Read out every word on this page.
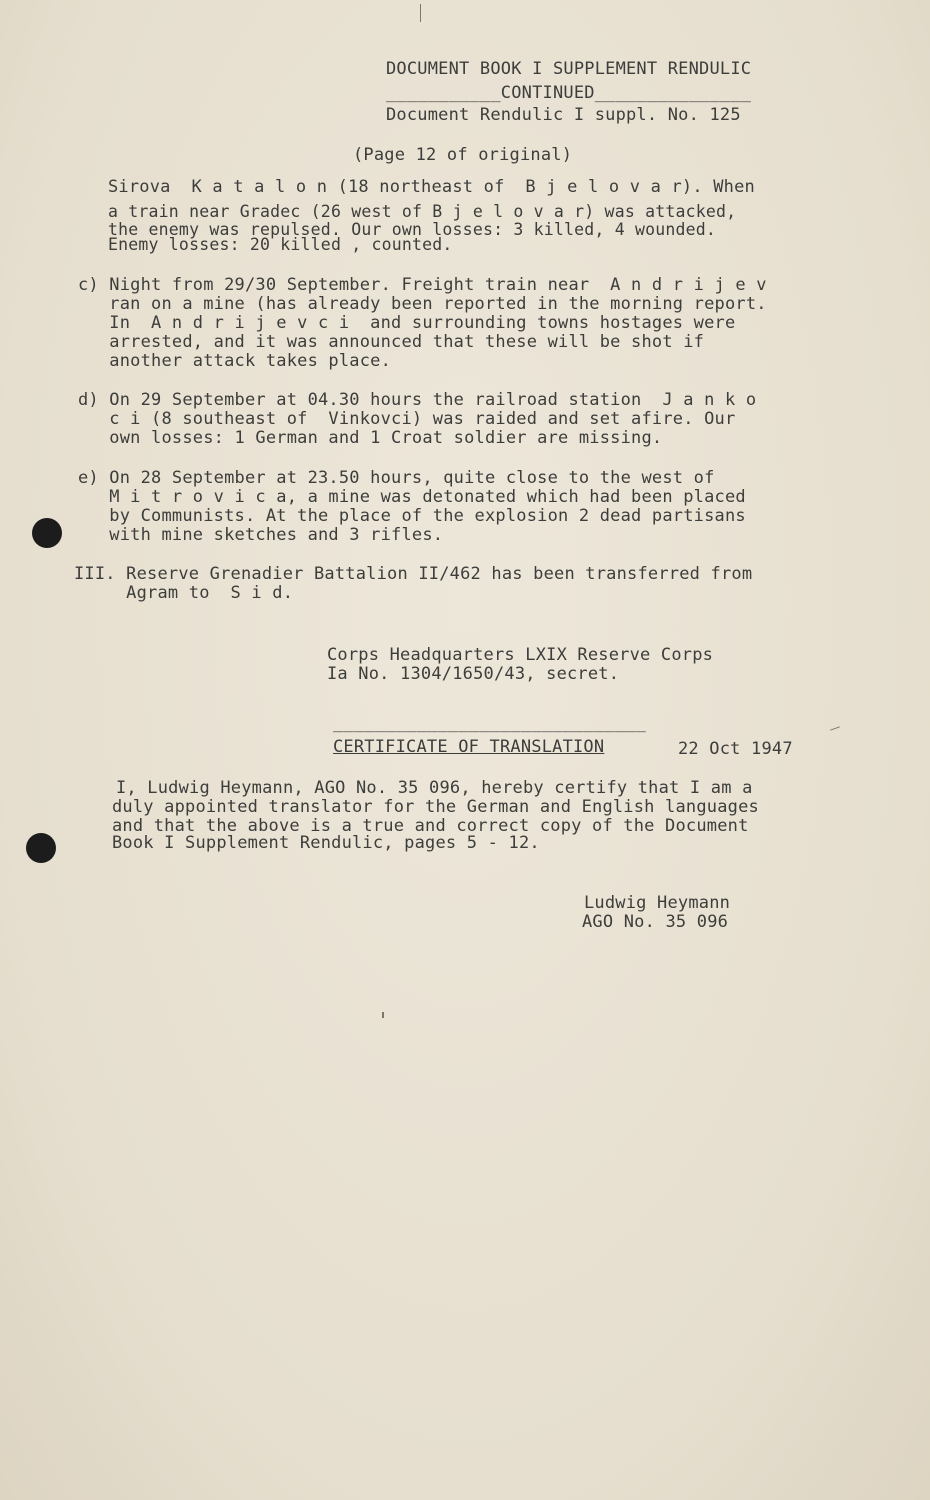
DOCUMENT BOOK I SUPPLEMENT RENDULIC
___________CONTINUED_______________
Document Rendulic I suppl. No. 125
(Page 12 of original)
Sirova  K a t a l o n (18 northeast of  B j e l o v a r). When
a train near Gradec (26 west of B j e l o v a r) was attacked,
the enemy was repulsed. Our own losses: 3 killed, 4 wounded.
Enemy losses: 20 killed , counted.
c) Night from 29/30 September. Freight train near  A n d r i j e v
ran on a mine (has already been reported in the morning report.
In  A n d r i j e v c i  and surrounding towns hostages were
arrested, and it was announced that these will be shot if
another attack takes place.
d) On 29 September at 04.30 hours the railroad station  J a n k o
c i (8 southeast of  Vinkovci) was raided and set afire. Our
own losses: 1 German and 1 Croat soldier are missing.
e) On 28 September at 23.50 hours, quite close to the west of
M i t r o v i c a, a mine was detonated which had been placed
by Communists. At the place of the explosion 2 dead partisans
with mine sketches and 3 rifles.
III. Reserve Grenadier Battalion II/462 has been transferred from
Agram to  S i d.
Corps Headquarters LXIX Reserve Corps
Ia No. 1304/1650/43, secret.
______________________________
CERTIFICATE OF TRANSLATION	22 Oct 1947
I, Ludwig Heymann, AGO No. 35 096, hereby certify that I am a
duly appointed translator for the German and English languages
and that the above is a true and correct copy of the Document
Book I Supplement Rendulic, pages 5 - 12.
Ludwig Heymann
AGO No. 35 096
